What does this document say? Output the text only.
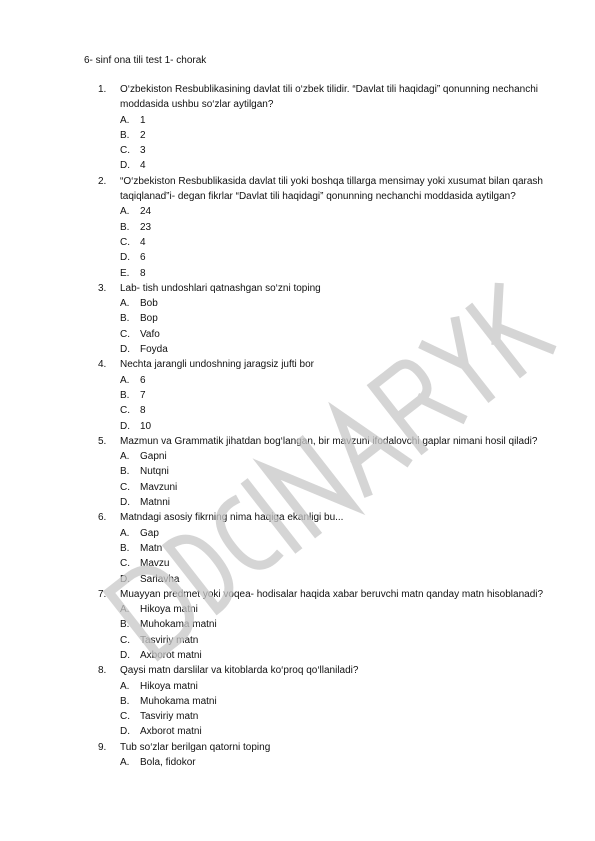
6- sinf ona tili test 1- chorak
1. O‘zbekiston Resbublikasining davlat tili o‘zbek tilidir. “Davlat tili haqidagi” qonunning nechanchi moddasida ushbu so‘zlar aytilgan?
A. 1
B. 2
C. 3
D. 4
2. “O‘zbekiston Resbublikasida davlat tili yoki boshqa tillarga mensimay yoki xusumat bilan qarash taqiqlanad”i- degan fikrlar “Davlat tili haqidagi” qonunning nechanchi moddasida aytilgan?
A. 24
B. 23
C. 4
D. 6
E. 8
3. Lab- tish undoshlari qatnashgan so‘zni toping
A. Bob
B. Bop
C. Vafo
D. Foyda
4. Nechta jarangli undoshning jaragsiz jufti bor
A. 6
B. 7
C. 8
D. 10
5. Mazmun va Grammatik jihatdan bog‘langan, bir mavzuni ifodalovchi gaplar nimani hosil qiladi?
A. Gapni
B. Nutqni
C. Mavzuni
D. Matnni
6. Matndagi asosiy fikrning nima haqiga ekanligi bu...
A. Gap
B. Matn
C. Mavzu
D. Sarlavha
7. Muayyan predmet yoki voqea- hodisalar haqida xabar beruvchi matn qanday matn hisoblanadi?
A. Hikoya matni
B. Muhokama matni
C. Tasviriy matn
D. Axborot matni
8. Qaysi matn darslilar va kitoblarda ko‘proq qo‘llaniladi?
A. Hikoya matni
B. Muhokama matni
C. Tasviriy matn
D. Axborot matni
9. Tub so‘zlar berilgan qatorni toping
A. Bola, fidokor
